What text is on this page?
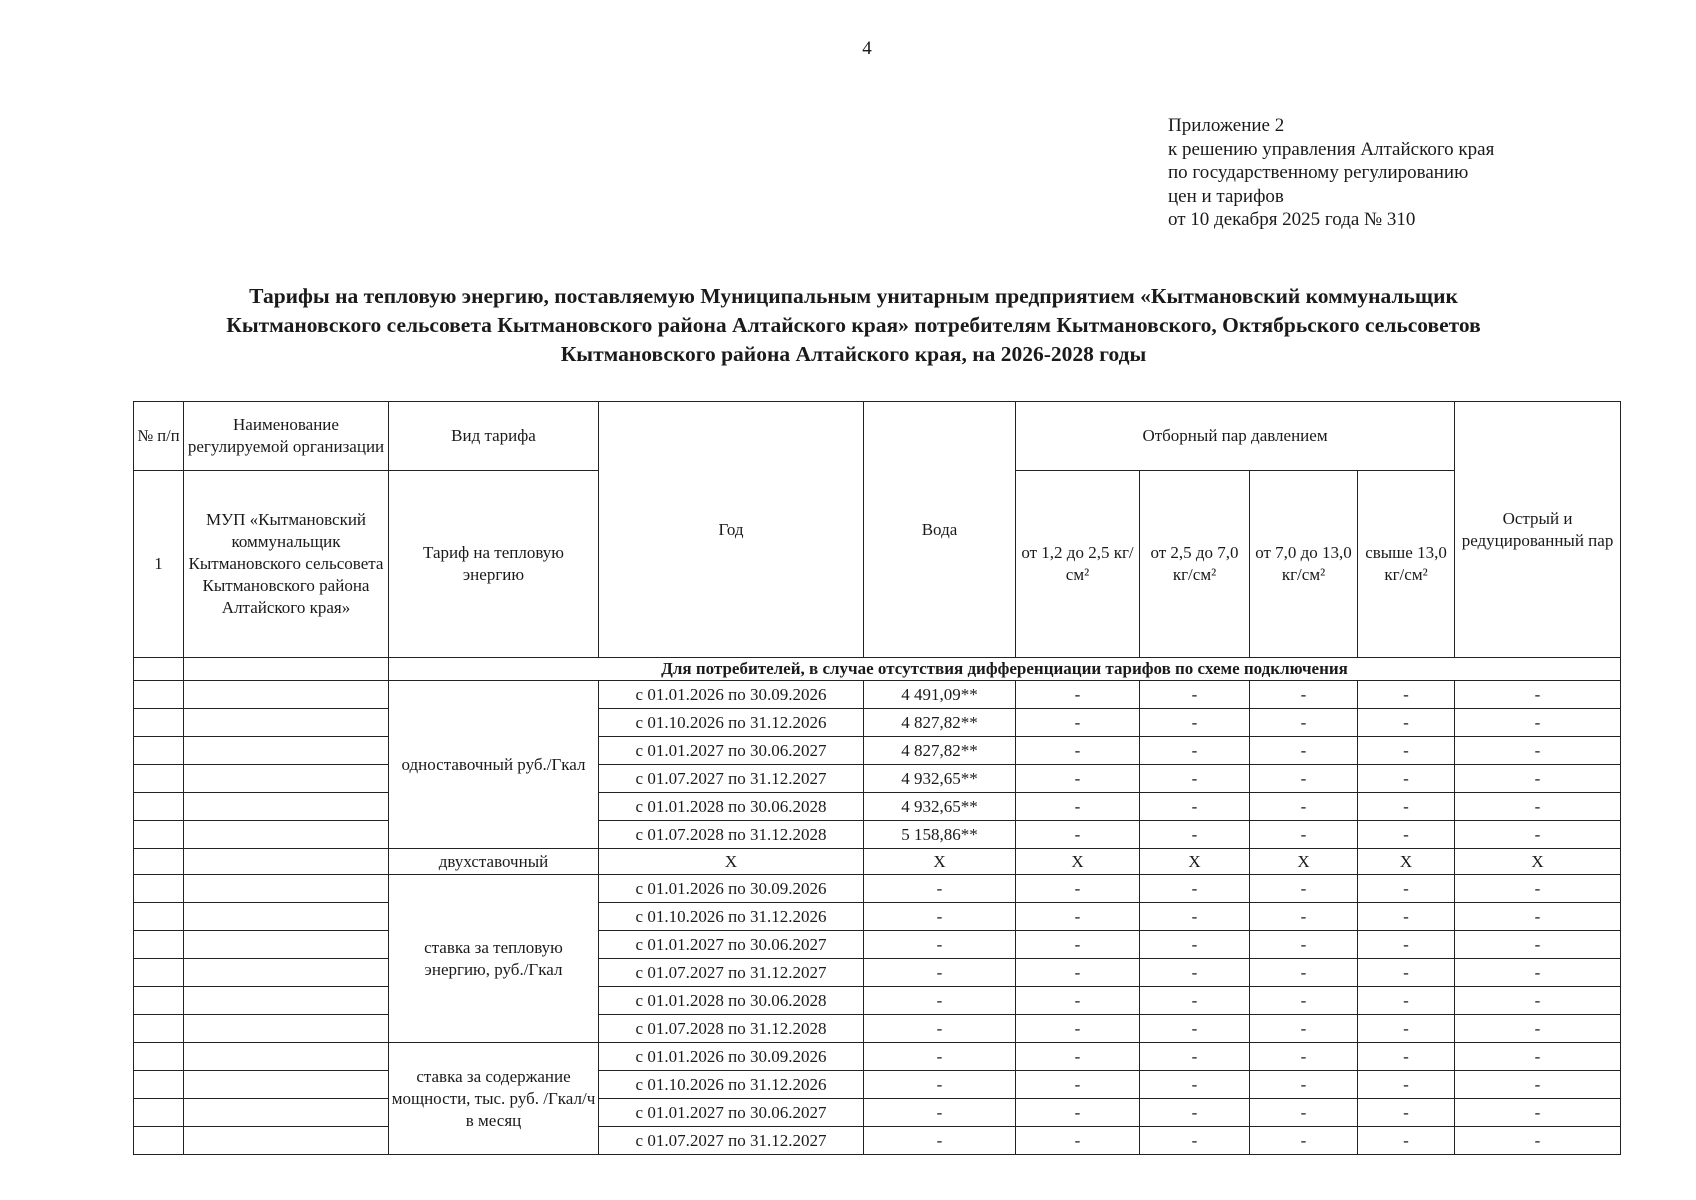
4
Приложение 2
к решению управления Алтайского края
по государственному регулированию
цен и тарифов
от 10 декабря 2025 года № 310
Тарифы на тепловую энергию, поставляемую Муниципальным унитарным предприятием «Кытмановский коммунальщик
Кытмановского сельсовета Кытмановского района Алтайского края» потребителям Кытмановского, Октябрьского сельсоветов
Кытмановского района Алтайского края, на 2026-2028 годы
№ п/п	Наименование регулируемой организации	Вид тарифа	Год	Вода	Отборный пар давлением				Острый и редуцированный пар
1	МУП «Кытмановский коммунальщик Кытмановского сельсовета Кытмановского района Алтайского края»	Тариф на тепловую энергию			от 1,2 до 2,5 кг/см²	от 2,5 до 7,0 кг/см²	от 7,0 до 13,0 кг/см²	свыше 13,0 кг/см²	
		Для потребителей, в случае отсутствия дифференциации тарифов по схеме подключения							
		одноставочный руб./Гкал	с 01.01.2026 по 30.09.2026	4 491,09**	-	-	-	-	-
			с 01.10.2026 по 31.12.2026	4 827,82**	-	-	-	-	-
			с 01.01.2027 по 30.06.2027	4 827,82**	-	-	-	-	-
			с 01.07.2027 по 31.12.2027	4 932,65**	-	-	-	-	-
			с 01.01.2028 по 30.06.2028	4 932,65**	-	-	-	-	-
			с 01.07.2028 по 31.12.2028	5 158,86**	-	-	-	-	-
		двухставочный	X	X	X	X	X	X	X
		ставка за тепловую энергию, руб./Гкал	с 01.01.2026 по 30.09.2026	-	-	-	-	-	-
			с 01.10.2026 по 31.12.2026	-	-	-	-	-	-
			с 01.01.2027 по 30.06.2027	-	-	-	-	-	-
			с 01.07.2027 по 31.12.2027	-	-	-	-	-	-
			с 01.01.2028 по 30.06.2028	-	-	-	-	-	-
			с 01.07.2028 по 31.12.2028	-	-	-	-	-	-
		ставка за содержание мощности, тыс. руб. /Гкал/ч в месяц	с 01.01.2026 по 30.09.2026	-	-	-	-	-	-
			с 01.10.2026 по 31.12.2026	-	-	-	-	-	-
			с 01.01.2027 по 30.06.2027	-	-	-	-	-	-
			с 01.07.2027 по 31.12.2027	-	-	-	-	-	-
